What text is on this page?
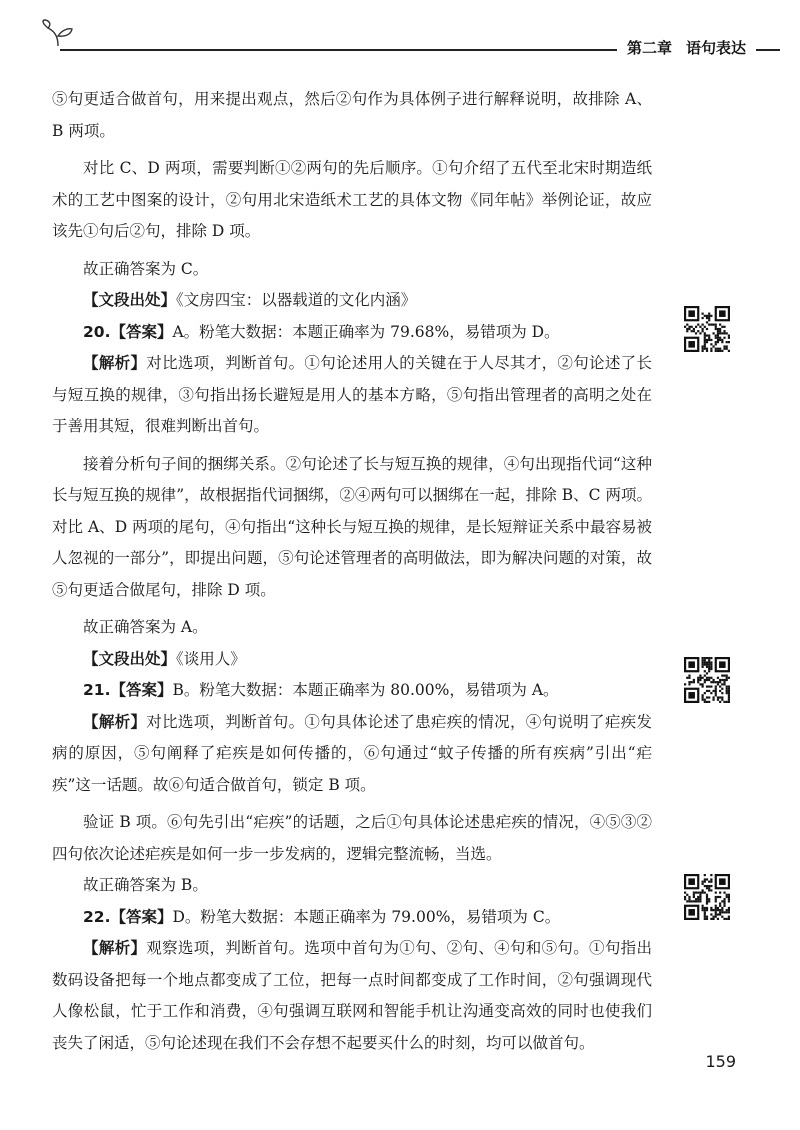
第二章 语句表达

⑤句更适合做首句，用来提出观点，然后②句作为具体例子进行解释说明，故排除 A、B 两项。

对比 C、D 两项，需要判断①②两句的先后顺序。①句介绍了五代至北宋时期造纸术的工艺中图案的设计，②句用北宋造纸术工艺的具体文物《同年帖》举例论证，故应该先①句后②句，排除 D 项。

故正确答案为 C。

【文段出处】《文房四宝：以器载道的文化内涵》

20.【答案】A。粉笔大数据：本题正确率为 79.68%，易错项为 D。

【解析】对比选项，判断首句。①句论述用人的关键在于人尽其才，②句论述了长与短互换的规律，③句指出扬长避短是用人的基本方略，⑤句指出管理者的高明之处在于善用其短，很难判断出首句。

接着分析句子间的捆绑关系。②句论述了长与短互换的规律，④句出现指代词“这种长与短互换的规律”，故根据指代词捆绑，②④两句可以捆绑在一起，排除 B、C 两项。对比 A、D 两项的尾句，④句指出“这种长与短互换的规律，是长短辩证关系中最容易被人忽视的一部分”，即提出问题，⑤句论述管理者的高明做法，即为解决问题的对策，故⑤句更适合做尾句，排除 D 项。

故正确答案为 A。

【文段出处】《谈用人》

21.【答案】B。粉笔大数据：本题正确率为 80.00%，易错项为 A。

【解析】对比选项，判断首句。①句具体论述了患疟疾的情况，④句说明了疟疾发病的原因，⑤句阐释了疟疾是如何传播的，⑥句通过“蚊子传播的所有疾病”引出“疟疾”这一话题。故⑥句适合做首句，锁定 B 项。

验证 B 项。⑥句先引出“疟疾”的话题，之后①句具体论述患疟疾的情况，④⑤③②四句依次论述疟疾是如何一步一步发病的，逻辑完整流畅，当选。

故正确答案为 B。

22.【答案】D。粉笔大数据：本题正确率为 79.00%，易错项为 C。

【解析】观察选项，判断首句。选项中首句为①句、②句、④句和⑤句。①句指出数码设备把每一个地点都变成了工位，把每一点时间都变成了工作时间，②句强调现代人像松鼠，忙于工作和消费，④句强调互联网和智能手机让沟通变高效的同时也使我们丧失了闲适，⑤句论述现在我们不会存想不起要买什么的时刻，均可以做首句。

159
